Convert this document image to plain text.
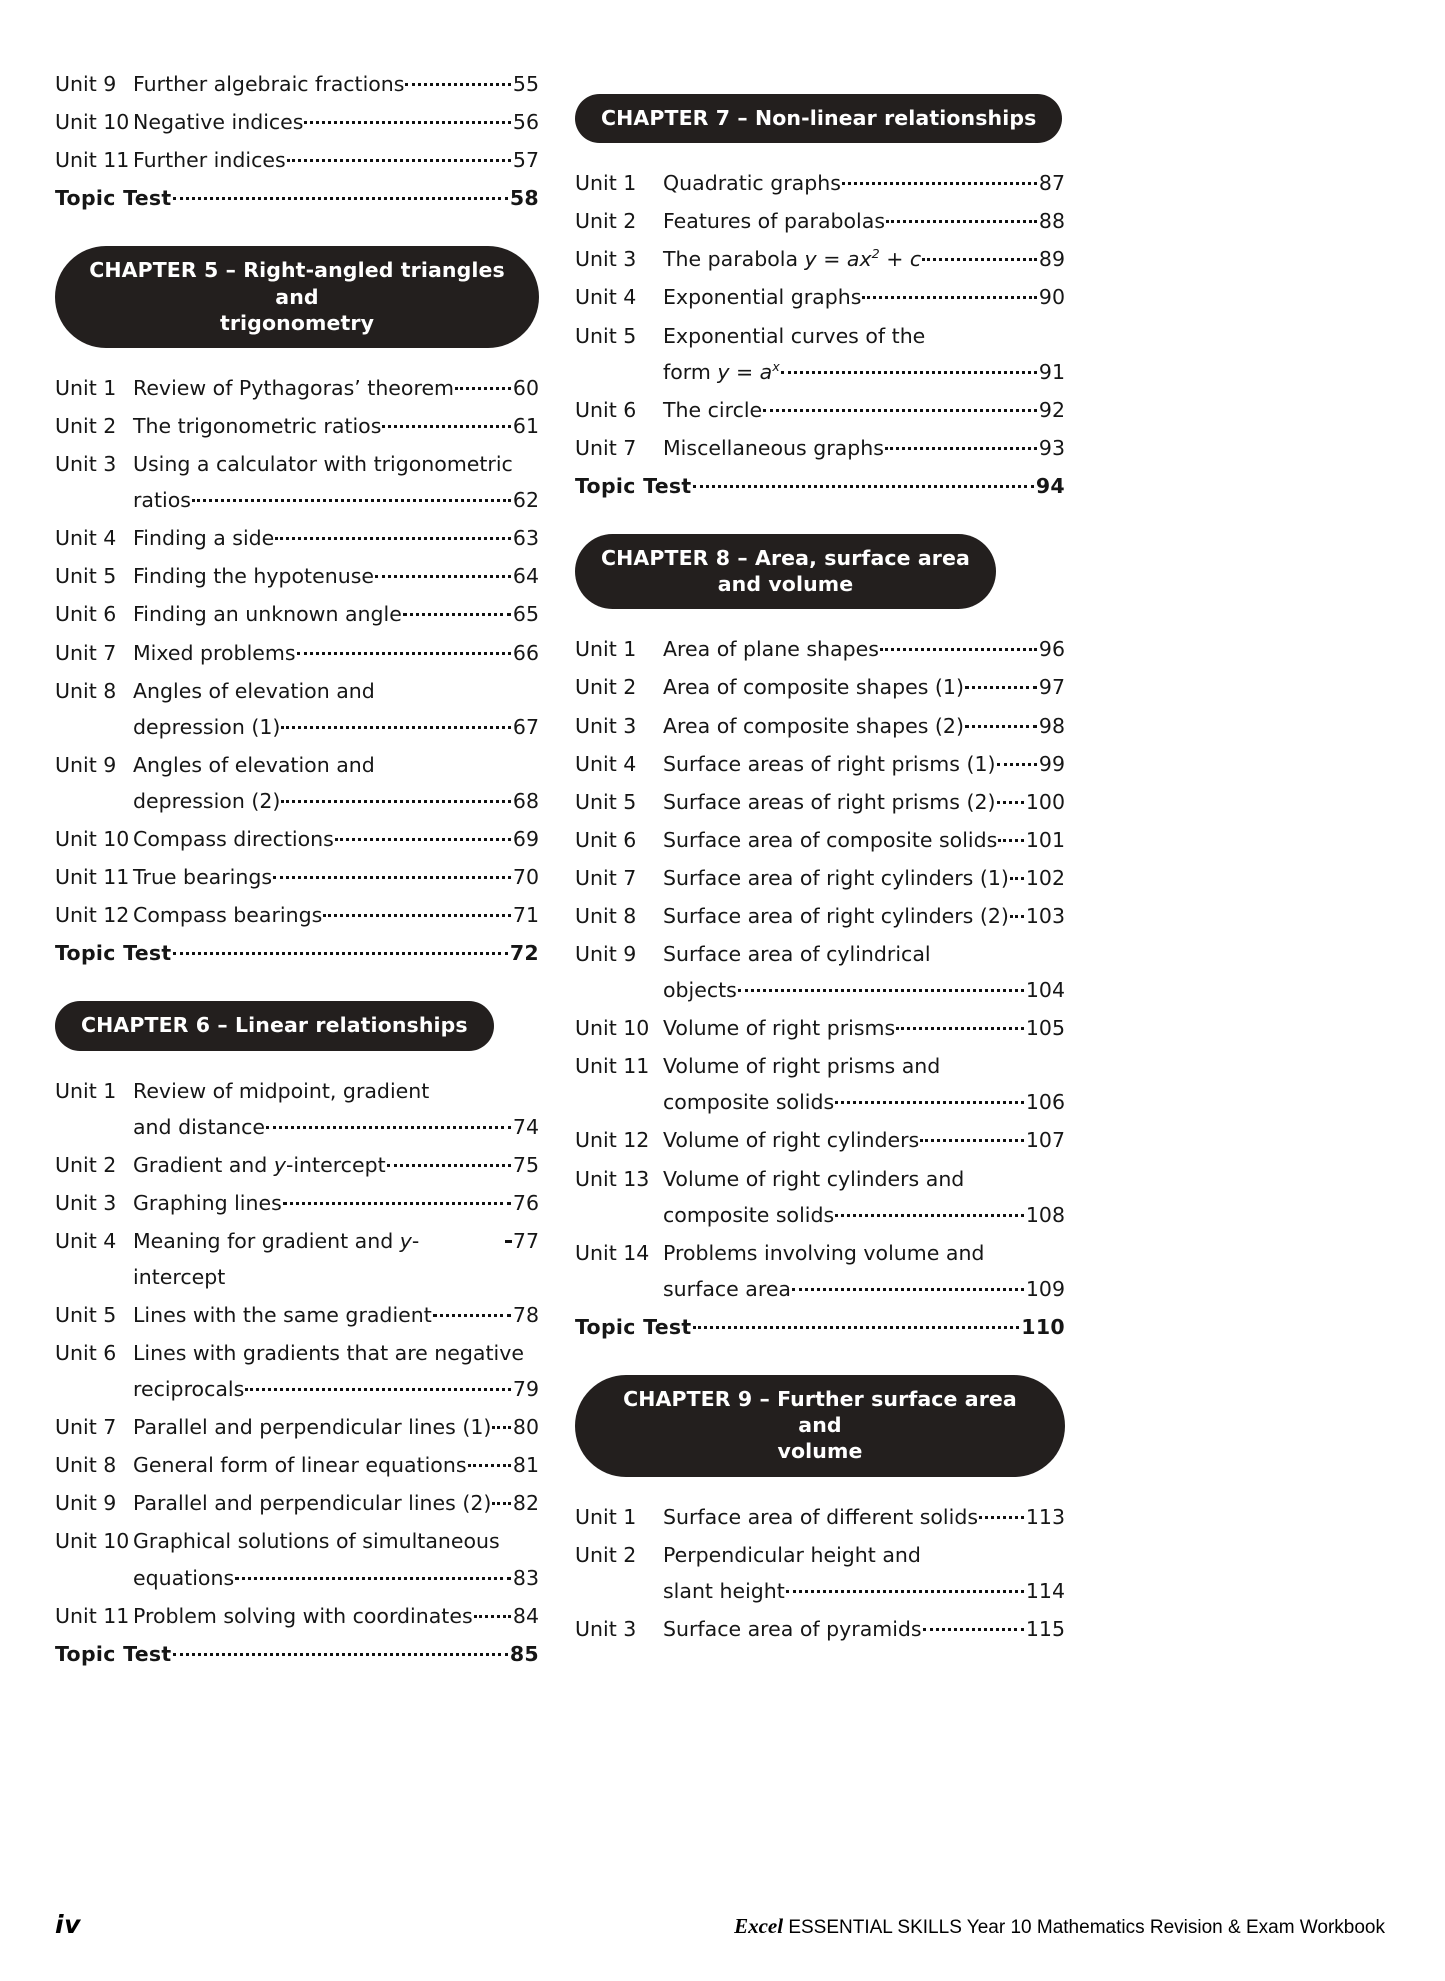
Unit 9 Further algebraic fractions	55
Unit 10 Negative indices	56
Unit 11 Further indices	57
Topic Test	58
CHAPTER 5 – Right-angled triangles and
trigonometry
Unit 1 Review of Pythagoras’ theorem	60
Unit 2 The trigonometric ratios	61
Unit 3 Using a calculator with trigonometric
ratios	62
Unit 4 Finding a side	63
Unit 5 Finding the hypotenuse	64
Unit 6 Finding an unknown angle	65
Unit 7 Mixed problems	66
Unit 8 Angles of elevation and
depression (1)	67
Unit 9 Angles of elevation and
depression (2)	68
Unit 10 Compass directions	69
Unit 11 True bearings	70
Unit 12 Compass bearings	71
Topic Test	72
CHAPTER 6 – Linear relationships
Unit 1 Review of midpoint, gradient
and distance	74
Unit 2 Gradient and y-intercept	75
Unit 3 Graphing lines	76
Unit 4 Meaning for gradient and y-intercept
77
Unit 5 Lines with the same gradient	78
Unit 6 Lines with gradients that are negative
reciprocals	79
Unit 7 Parallel and perpendicular lines (1) 80
Unit 8 General form of linear equations 81
Unit 9 Parallel and perpendicular lines (2) 82
Unit 10 Graphical solutions of simultaneous
equations	83
Unit 11 Problem solving with coordinates 84
Topic Test	85
CHAPTER 7 – Non-linear relationships
Unit 1	Quadratic graphs	87
Unit 2	Features of parabolas	88
Unit 3	The parabola $y = ax^2 + c$	89
Unit 4	Exponential graphs	90
Unit 5	Exponential curves of the
form $y = a^x$	91
Unit 6	The circle	92
Unit 7	Miscellaneous graphs	93
Topic Test	94
CHAPTER 8 – Area, surface area
and volume
Unit 1	Area of plane shapes	96
Unit 2	Area of composite shapes (1)	97
Unit 3	Area of composite shapes (2)	98
Unit 4	Surface areas of right prisms (1) 99
Unit 5	Surface areas of right prisms (2) 100
Unit 6	Surface area of composite solids 101
Unit 7	Surface area of right cylinders (1) 102
Unit 8	Surface area of right cylinders (2) 103
Unit 9	Surface area of cylindrical
objects	104
Unit 10 Volume of right prisms	105
Unit 11 Volume of right prisms and
composite solids	106
Unit 12 Volume of right cylinders	107
Unit 13 Volume of right cylinders and
composite solids	108
Unit 14 Problems involving volume and
surface area	109
Topic Test	110
CHAPTER 9 – Further surface area and
volume
Unit 1	Surface area of different solids 113
Unit 2	Perpendicular height and
slant height	114
Unit 3	Surface area of pyramids	115
iv	Excel ESSENTIAL SKILLS Year 10 Mathematics Revision & Exam Workbook
